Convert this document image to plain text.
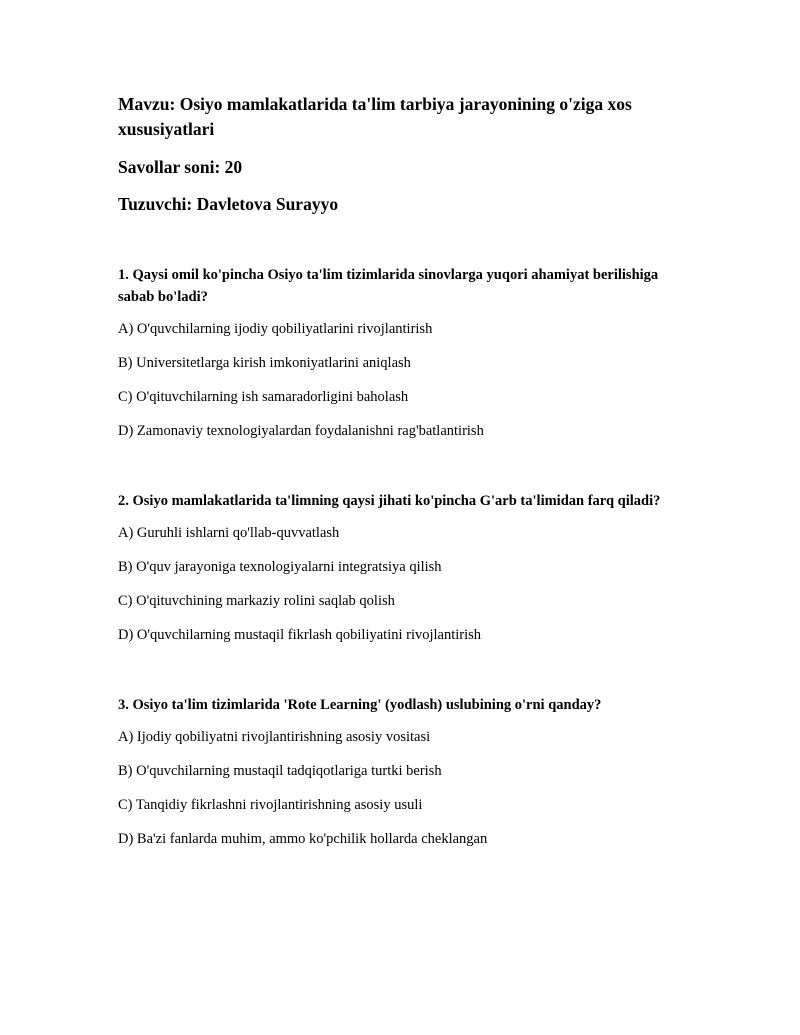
Mavzu: Osiyo mamlakatlarida ta'lim tarbiya jarayonining o'ziga xos xususiyatlari

Savollar soni: 20

Tuzuvchi: Davletova Surayyo

1. Qaysi omil ko'pincha Osiyo ta'lim tizimlarida sinovlarga yuqori ahamiyat berilishiga sabab bo'ladi?

A) O'quvchilarning ijodiy qobiliyatlarini rivojlantirish

B) Universitetlarga kirish imkoniyatlarini aniqlash

C) O'qituvchilarning ish samaradorligini baholash

D) Zamonaviy texnologiyalardan foydalanishni rag'batlantirish

2. Osiyo mamlakatlarida ta'limning qaysi jihati ko'pincha G'arb ta'limidan farq qiladi?

A) Guruhli ishlarni qo'llab-quvvatlash

B) O'quv jarayoniga texnologiyalarni integratsiya qilish

C) O'qituvchining markaziy rolini saqlab qolish

D) O'quvchilarning mustaqil fikrlash qobiliyatini rivojlantirish

3. Osiyo ta'lim tizimlarida 'Rote Learning' (yodlash) uslubining o'rni qanday?

A) Ijodiy qobiliyatni rivojlantirishning asosiy vositasi

B) O'quvchilarning mustaqil tadqiqotlariga turtki berish

C) Tanqidiy fikrlashni rivojlantirishning asosiy usuli

D) Ba'zi fanlarda muhim, ammo ko'pchilik hollarda cheklangan
